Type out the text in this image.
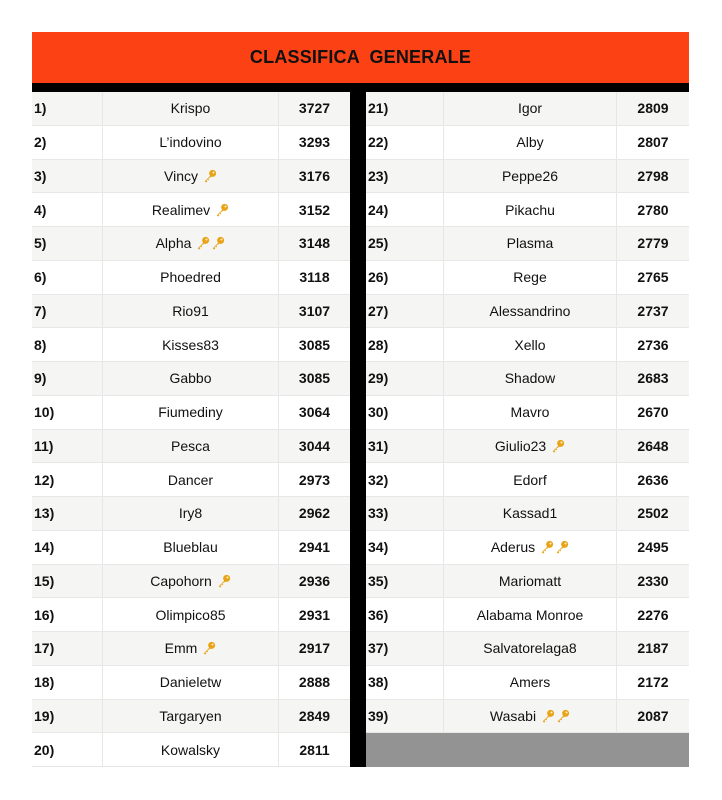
CLASSIFICA GENERALE
1)	Krispo	3727
2)	L’indovino	3293
3)	Vincy	3176
4)	Realimev	3152
5)	Alpha	3148
6)	Phoedred	3118
7)	Rio91	3107
8)	Kisses83	3085
9)	Gabbo	3085
10)	Fiumediny	3064
11)	Pesca	3044
12)	Dancer	2973
13)	Iry8	2962
14)	Blueblau	2941
15)	Capohorn	2936
16)	Olimpico85	2931
17)	Emm	2917
18)	Danieletw	2888
19)	Targaryen	2849
20)	Kowalsky	2811
21)	Igor	2809
22)	Alby	2807
23)	Peppe26	2798
24)	Pikachu	2780
25)	Plasma	2779
26)	Rege	2765
27)	Alessandrino	2737
28)	Xello	2736
29)	Shadow	2683
30)	Mavro	2670
31)	Giulio23	2648
32)	Edorf	2636
33)	Kassad1	2502
34)	Aderus	2495
35)	Mariomatt	2330
36)	Alabama Monroe	2276
37)	Salvatorelaga8	2187
38)	Amers	2172
39)	Wasabi	2087
